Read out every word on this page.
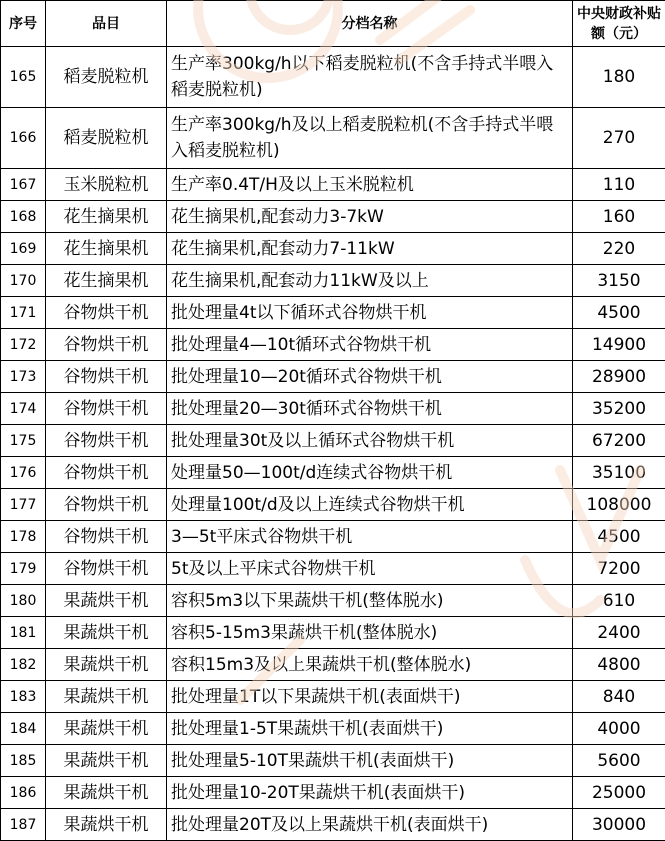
序号	品目	分档名称	中央财政补贴额（元）
165	稻麦脱粒机	生产率300kg/h以下稻麦脱粒机(不含手持式半喂入稻麦脱粒机)	180
166	稻麦脱粒机	生产率300kg/h及以上稻麦脱粒机(不含手持式半喂入稻麦脱粒机)	270
167	玉米脱粒机	生产率0.4T/H及以上玉米脱粒机	110
168	花生摘果机	花生摘果机,配套动力3-7kW	160
169	花生摘果机	花生摘果机,配套动力7-11kW	220
170	花生摘果机	花生摘果机,配套动力11kW及以上	3150
171	谷物烘干机	批处理量4t以下循环式谷物烘干机	4500
172	谷物烘干机	批处理量4—10t循环式谷物烘干机	14900
173	谷物烘干机	批处理量10—20t循环式谷物烘干机	28900
174	谷物烘干机	批处理量20—30t循环式谷物烘干机	35200
175	谷物烘干机	批处理量30t及以上循环式谷物烘干机	67200
176	谷物烘干机	处理量50—100t/d连续式谷物烘干机	35100
177	谷物烘干机	处理量100t/d及以上连续式谷物烘干机	108000
178	谷物烘干机	3—5t平床式谷物烘干机	4500
179	谷物烘干机	5t及以上平床式谷物烘干机	7200
180	果蔬烘干机	容积5m3以下果蔬烘干机(整体脱水)	610
181	果蔬烘干机	容积5-15m3果蔬烘干机(整体脱水)	2400
182	果蔬烘干机	容积15m3及以上果蔬烘干机(整体脱水)	4800
183	果蔬烘干机	批处理量1T以下果蔬烘干机(表面烘干)	840
184	果蔬烘干机	批处理量1-5T果蔬烘干机(表面烘干)	4000
185	果蔬烘干机	批处理量5-10T果蔬烘干机(表面烘干)	5600
186	果蔬烘干机	批处理量10-20T果蔬烘干机(表面烘干)	25000
187	果蔬烘干机	批处理量20T及以上果蔬烘干机(表面烘干)	30000
